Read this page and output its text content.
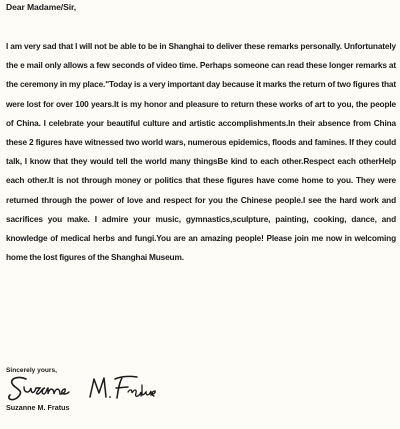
Dear Madame/Sir,
I am very sad that I will not be able to be in Shanghai to deliver these remarks personally. Unfortunately the e mail only allows a few seconds of video time. Perhaps someone can read these longer remarks at the ceremony in my place."Today is a very important day because it marks the return of two figures that were lost for over 100 years.It is my honor and pleasure to return these works of art to you, the people of China. I celebrate your beautiful culture and artistic accomplishments.In their absence from China these 2 figures have witnessed two world wars, numerous epidemics, floods and famines. If they could talk, I know that they would tell the world many thingsBe kind to each other.Respect each otherHelp each other.It is not through money or politics that these figures have come home to you. They were returned through the power of love and respect for you the Chinese people.I see the hard work and sacrifices you make. I admire your music, gymnastics,sculpture, painting, cooking, dance, and knowledge of medical herbs and fungi.You are an amazing people! Please join me now in welcoming home the lost figures of the Shanghai Museum.
Sincerely yours,
Suzanne M. Fratus
